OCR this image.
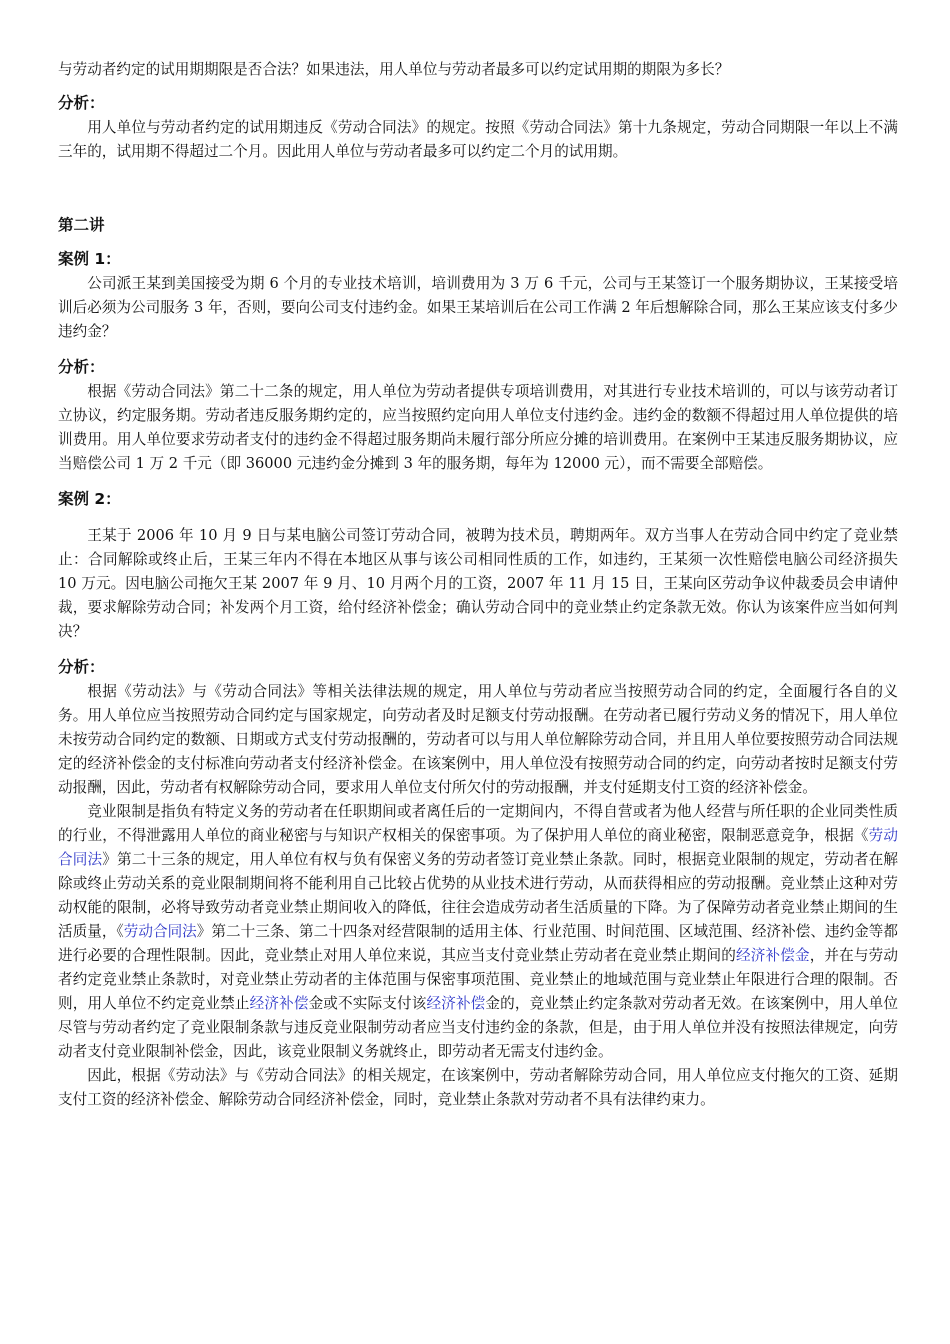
与劳动者约定的试用期期限是否合法？如果违法，用人单位与劳动者最多可以约定试用期的期限为多长？

分析：

用人单位与劳动者约定的试用期违反《劳动合同法》的规定。按照《劳动合同法》第十九条规定，劳动合同期限一年以上不满三年的，试用期不得超过二个月。因此用人单位与劳动者最多可以约定二个月的试用期。

第二讲
案例 1：

公司派王某到美国接受为期 6 个月的专业技术培训，培训费用为 3 万 6 千元，公司与王某签订一个服务期协议，王某接受培训后必须为公司服务 3 年，否则，要向公司支付违约金。如果王某培训后在公司工作满 2 年后想解除合同，那么王某应该支付多少违约金？

分析：

根据《劳动合同法》第二十二条的规定，用人单位为劳动者提供专项培训费用，对其进行专业技术培训的，可以与该劳动者订立协议，约定服务期。劳动者违反服务期约定的，应当按照约定向用人单位支付违约金。违约金的数额不得超过用人单位提供的培训费用。用人单位要求劳动者支付的违约金不得超过服务期尚未履行部分所应分摊的培训费用。在案例中王某违反服务期协议，应当赔偿公司 1 万 2 千元（即 36000 元违约金分摊到 3 年的服务期，每年为 12000 元），而不需要全部赔偿。

案例 2：

王某于 2006 年 10 月 9 日与某电脑公司签订劳动合同，被聘为技术员，聘期两年。双方当事人在劳动合同中约定了竞业禁止：合同解除或终止后，王某三年内不得在本地区从事与该公司相同性质的工作，如违约，王某须一次性赔偿电脑公司经济损失 10 万元。因电脑公司拖欠王某 2007 年 9 月、10 月两个月的工资，2007 年 11 月 15 日，王某向区劳动争议仲裁委员会申请仲裁，要求解除劳动合同；补发两个月工资，给付经济补偿金；确认劳动合同中的竞业禁止约定条款无效。你认为该案件应当如何判决？

分析：

根据《劳动法》与《劳动合同法》等相关法律法规的规定，用人单位与劳动者应当按照劳动合同的约定，全面履行各自的义务。用人单位应当按照劳动合同约定与国家规定，向劳动者及时足额支付劳动报酬。在劳动者已履行劳动义务的情况下，用人单位未按劳动合同约定的数额、日期或方式支付劳动报酬的，劳动者可以与用人单位解除劳动合同，并且用人单位要按照劳动合同法规定的经济补偿金的支付标准向劳动者支付经济补偿金。在该案例中，用人单位没有按照劳动合同的约定，向劳动者按时足额支付劳动报酬，因此，劳动者有权解除劳动合同，要求用人单位支付所欠付的劳动报酬，并支付延期支付工资的经济补偿金。

竞业限制是指负有特定义务的劳动者在任职期间或者离任后的一定期间内，不得自营或者为他人经营与所任职的企业同类性质的行业，不得泄露用人单位的商业秘密与与知识产权相关的保密事项。为了保护用人单位的商业秘密，限制恶意竞争，根据《劳动合同法》第二十三条的规定，用人单位有权与负有保密义务的劳动者签订竞业禁止条款。同时，根据竞业限制的规定，劳动者在解除或终止劳动关系的竞业限制期间将不能利用自己比较占优势的从业技术进行劳动，从而获得相应的劳动报酬。竞业禁止这种对劳动权能的限制，必将导致劳动者竞业禁止期间收入的降低，往往会造成劳动者生活质量的下降。为了保障劳动者竞业禁止期间的生活质量，《劳动合同法》第二十三条、第二十四条对经营限制的适用主体、行业范围、时间范围、区域范围、经济补偿、违约金等都进行必要的合理性限制。因此，竞业禁止对用人单位来说，其应当支付竞业禁止劳动者在竞业禁止期间的经济补偿金，并在与劳动者约定竞业禁止条款时，对竞业禁止劳动者的主体范围与保密事项范围、竞业禁止的地域范围与竞业禁止年限进行合理的限制。否则，用人单位不约定竞业禁止经济补偿金或不实际支付该经济补偿金的，竞业禁止约定条款对劳动者无效。在该案例中，用人单位尽管与劳动者约定了竞业限制条款与违反竞业限制劳动者应当支付违约金的条款，但是，由于用人单位并没有按照法律规定，向劳动者支付竞业限制补偿金，因此，该竞业限制义务就终止，即劳动者无需支付违约金。

因此，根据《劳动法》与《劳动合同法》的相关规定，在该案例中，劳动者解除劳动合同，用人单位应支付拖欠的工资、延期支付工资的经济补偿金、解除劳动合同经济补偿金，同时，竞业禁止条款对劳动者不具有法律约束力。
